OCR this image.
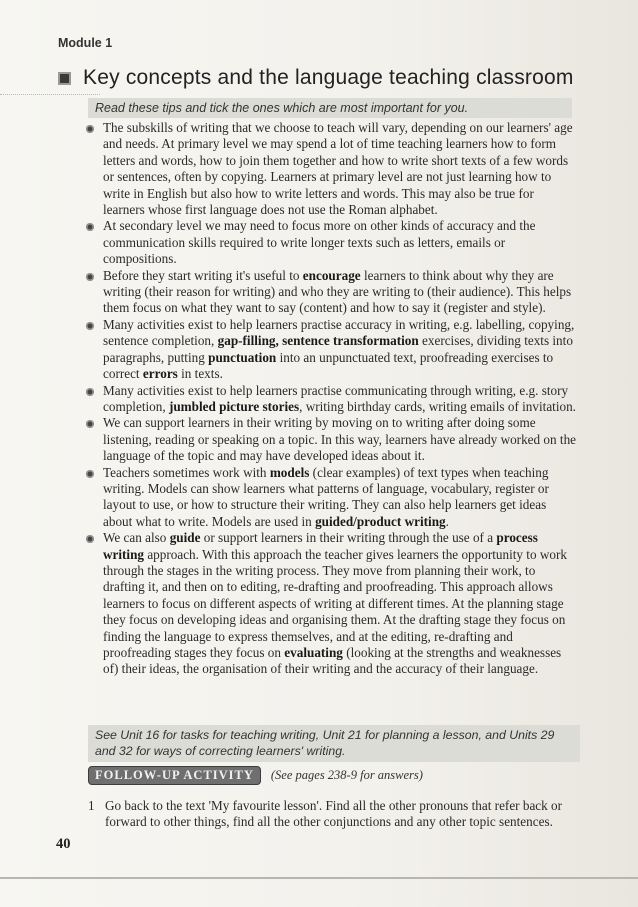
Module 1
Key concepts and the language teaching classroom
Read these tips and tick the ones which are most important for you.
The subskills of writing that we choose to teach will vary, depending on our learners' age and needs. At primary level we may spend a lot of time teaching learners how to form letters and words, how to join them together and how to write short texts of a few words or sentences, often by copying. Learners at primary level are not just learning how to write in English but also how to write letters and words. This may also be true for learners whose first language does not use the Roman alphabet.
At secondary level we may need to focus more on other kinds of accuracy and the communication skills required to write longer texts such as letters, emails or compositions.
Before they start writing it's useful to encourage learners to think about why they are writing (their reason for writing) and who they are writing to (their audience). This helps them focus on what they want to say (content) and how to say it (register and style).
Many activities exist to help learners practise accuracy in writing, e.g. labelling, copying, sentence completion, gap-filling, sentence transformation exercises, dividing texts into paragraphs, putting punctuation into an unpunctuated text, proofreading exercises to correct errors in texts.
Many activities exist to help learners practise communicating through writing, e.g. story completion, jumbled picture stories, writing birthday cards, writing emails of invitation.
We can support learners in their writing by moving on to writing after doing some listening, reading or speaking on a topic. In this way, learners have already worked on the language of the topic and may have developed ideas about it.
Teachers sometimes work with models (clear examples) of text types when teaching writing. Models can show learners what patterns of language, vocabulary, register or layout to use, or how to structure their writing. They can also help learners get ideas about what to write. Models are used in guided/product writing.
We can also guide or support learners in their writing through the use of a process writing approach. With this approach the teacher gives learners the opportunity to work through the stages in the writing process. They move from planning their work, to drafting it, and then on to editing, re-drafting and proofreading. This approach allows learners to focus on different aspects of writing at different times. At the planning stage they focus on developing ideas and organising them. At the drafting stage they focus on finding the language to express themselves, and at the editing, re-drafting and proofreading stages they focus on evaluating (looking at the strengths and weaknesses of) their ideas, the organisation of their writing and the accuracy of their language.
See Unit 16 for tasks for teaching writing, Unit 21 for planning a lesson, and Units 29 and 32 for ways of correcting learners' writing.
FOLLOW-UP ACTIVITY	(See pages 238-9 for answers)
1 Go back to the text 'My favourite lesson'. Find all the other pronouns that refer back or forward to other things, find all the other conjunctions and any other topic sentences.
40
